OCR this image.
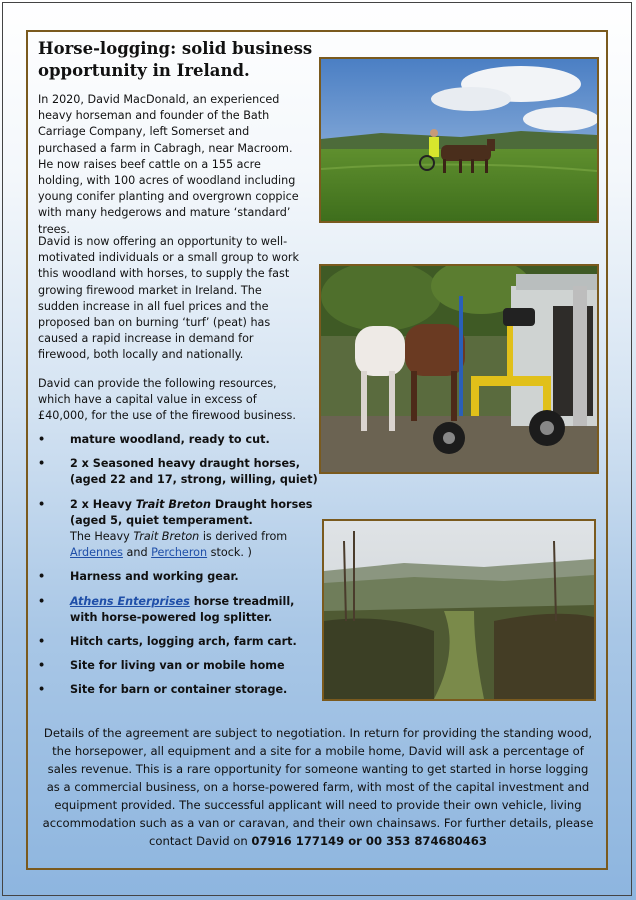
Horse-logging: solid business opportunity in Ireland.
In 2020, David MacDonald, an experienced heavy horseman and founder of the Bath Carriage Company, left Somerset and purchased a farm in Cabragh, near Macroom. He now raises beef cattle on a 155 acre holding, with 100 acres of woodland including young conifer planting and overgrown coppice with many hedgerows and mature ‘standard’ trees.
David is now offering an opportunity to well-motivated individuals or a small group to work this woodland with horses, to supply the fast growing firewood market in Ireland. The sudden increase in all fuel prices and the proposed ban on burning ‘turf’ (peat) has caused a rapid increase in demand for firewood, both locally and nationally.
David can provide the following resources, which have a capital value in excess of £40,000, for the use of the firewood business.
• mature woodland, ready to cut.
• 2 x Seasoned heavy draught horses, (aged 22 and 17, strong, willing, quiet)
• 2 x Heavy Trait Breton Draught horses (aged 5, quiet temperament.
The Heavy Trait Breton is derived from
Ardennes and Percheron stock. )
• Harness and working gear.
• Athens Enterprises horse treadmill, with horse-powered log splitter.
• Hitch carts, logging arch, farm cart.
• Site for living van or mobile home
• Site for barn or container storage.
Details of the agreement are subject to negotiation. In return for providing the standing wood, the horsepower, all equipment and a site for a mobile home, David will ask a percentage of sales revenue. This is a rare opportunity for someone wanting to get started in horse logging as a commercial business, on a horse-powered farm, with most of the capital investment and equipment provided. The successful applicant will need to provide their own vehicle, living accommodation such as a van or caravan, and their own chainsaws. For further details, please contact David on 07916 177149 or 00 353 874680463
